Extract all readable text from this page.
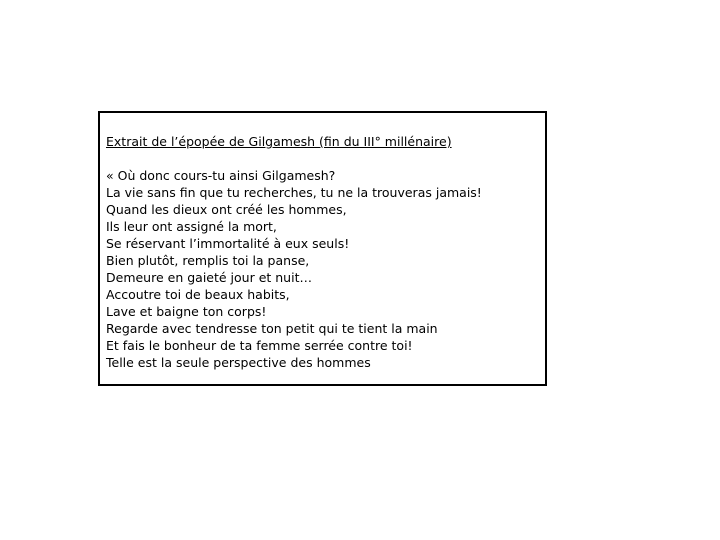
Extrait de l’épopée de Gilgamesh (fin du III° millénaire)
« Où donc cours-tu ainsi Gilgamesh?
La vie sans fin que tu recherches, tu ne la trouveras jamais!
Quand les dieux ont créé les hommes,
Ils leur ont assigné la mort,
Se réservant l’immortalité à eux seuls!
Bien plutôt, remplis toi la panse,
Demeure en gaieté jour et nuit…
Accoutre toi de beaux habits,
Lave et baigne ton corps!
Regarde avec tendresse ton petit qui te tient la main
Et fais le bonheur de ta femme serrée contre toi!
Telle est la seule perspective des hommes
